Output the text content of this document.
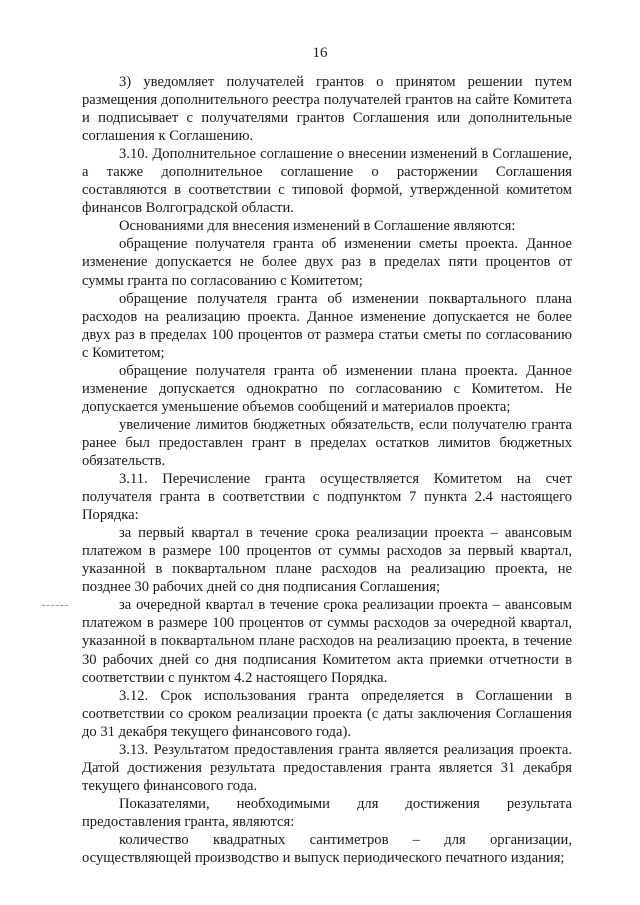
16

3) уведомляет получателей грантов о принятом решении путем размещения дополнительного реестра получателей грантов на сайте Комитета и подписывает с получателями грантов Соглашения или дополнительные соглашения к Соглашению.

3.10. Дополнительное соглашение о внесении изменений в Соглашение, а также дополнительное соглашение о расторжении Соглашения составляются в соответствии с типовой формой, утвержденной комитетом финансов Волгоградской области.

Основаниями для внесения изменений в Соглашение являются:

обращение получателя гранта об изменении сметы проекта. Данное изменение допускается не более двух раз в пределах пяти процентов от суммы гранта по согласованию с Комитетом;

обращение получателя гранта об изменении поквартального плана расходов на реализацию проекта. Данное изменение допускается не более двух раз в пределах 100 процентов от размера статьи сметы по согласованию с Комитетом;

обращение получателя гранта об изменении плана проекта. Данное изменение допускается однократно по согласованию с Комитетом. Не допускается уменьшение объемов сообщений и материалов проекта;

увеличение лимитов бюджетных обязательств, если получателю гранта ранее был предоставлен грант в пределах остатков лимитов бюджетных обязательств.

3.11. Перечисление гранта осуществляется Комитетом на счет получателя гранта в соответствии с подпунктом 7 пункта 2.4 настоящего Порядка:

за первый квартал в течение срока реализации проекта – авансовым платежом в размере 100 процентов от суммы расходов за первый квартал, указанной в поквартальном плане расходов на реализацию проекта, не позднее 30 рабочих дней со дня подписания Соглашения;

за очередной квартал в течение срока реализации проекта – авансовым платежом в размере 100 процентов от суммы расходов за очередной квартал, указанной в поквартальном плане расходов на реализацию проекта, в течение 30 рабочих дней со дня подписания Комитетом акта приемки отчетности в соответствии с пунктом 4.2 настоящего Порядка.

3.12. Срок использования гранта определяется в Соглашении в соответствии со сроком реализации проекта (с даты заключения Соглашения до 31 декабря текущего финансового года).

3.13. Результатом предоставления гранта является реализация проекта. Датой достижения результата предоставления гранта является 31 декабря текущего финансового года.

Показателями, необходимыми для достижения результата предоставления гранта, являются:

количество квадратных сантиметров – для организации, осуществляющей производство и выпуск периодического печатного издания;
